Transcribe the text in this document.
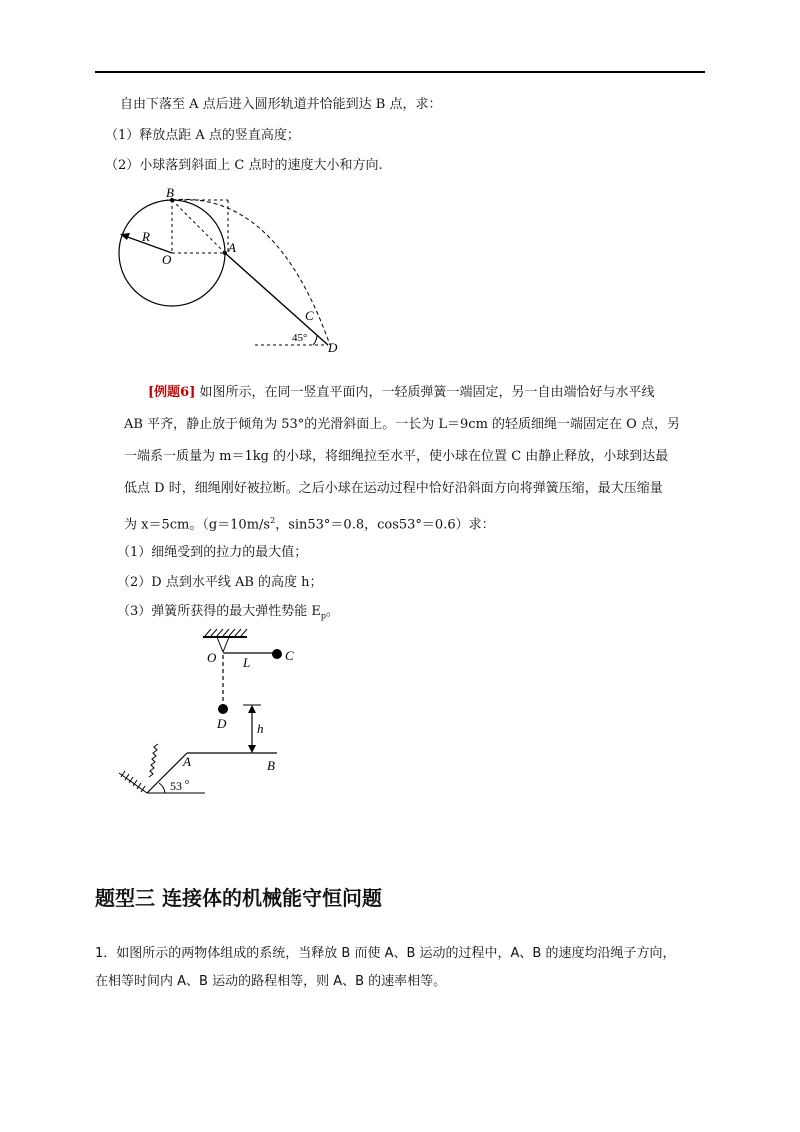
自由下落至 A 点后进入圆形轨道并恰能到达 B 点，求：
（1）释放点距 A 点的竖直高度；
（2）小球落到斜面上 C 点时的速度大小和方向.
B
R
O
A
C
D
45°
[例题6] 如图所示，在同一竖直平面内，一轻质弹簧一端固定，另一自由端恰好与水平线
AB 平齐，静止放于倾角为 53°的光滑斜面上。一长为 L＝9cm 的轻质细绳一端固定在 O 点，另
一端系一质量为 m＝1kg 的小球，将细绳拉至水平，使小球在位置 C 由静止释放，小球到达最
低点 D 时，细绳刚好被拉断。之后小球在运动过程中恰好沿斜面方向将弹簧压缩，最大压缩量
为 x＝5cm。（$g=10m/s^2$，sin53°＝0.8，cos53°＝0.6）求：
（1）细绳受到的拉力的最大值；
（2）D 点到水平线 AB 的高度 h；
（3）弹簧所获得的最大弹性势能 $E_p$。
O L	C
D h
A	B
53 o
题型三 连接体的机械能守恒问题
1．如图所示的两物体组成的系统，当释放 B 而使 A、B 运动的过程中，A、B 的速度均沿绳子方向，
在相等时间内 A、B 运动的路程相等，则 A、B 的速率相等。
